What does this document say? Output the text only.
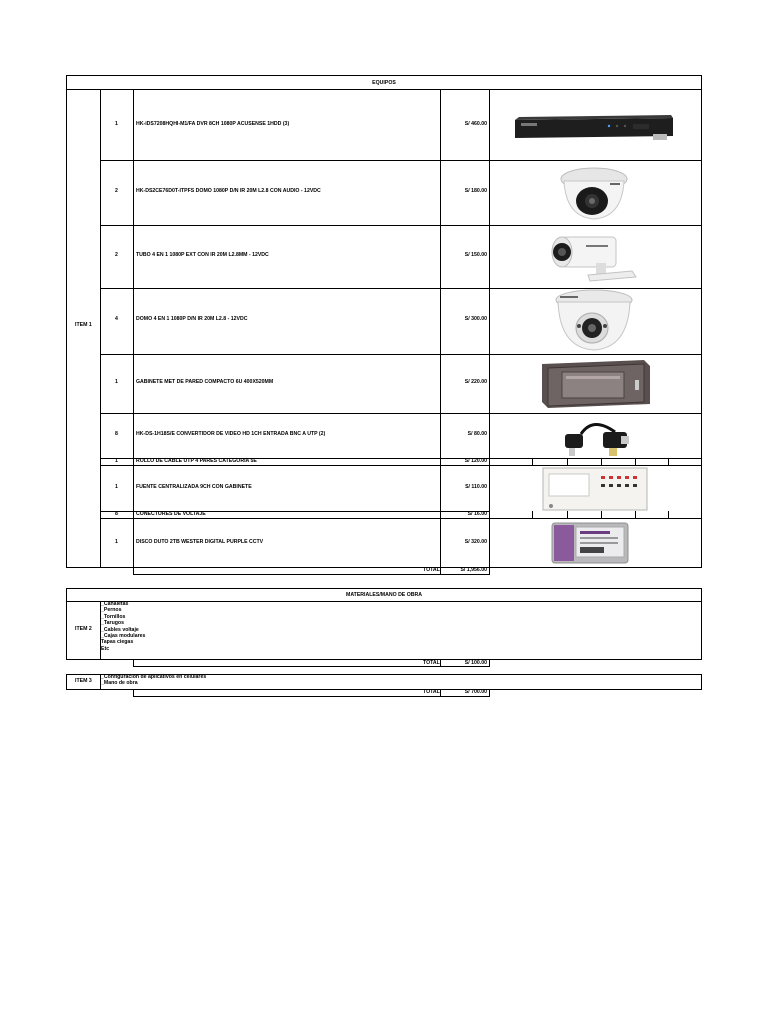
EQUIPOS
ITEM 1
1	HK-iDS7208HQHI-M1/FA DVR 8CH 1080P ACUSENSE 1HDD (3)	S/ 460.00
2	HK-DS2CE76D0T-ITPFS DOMO 1080P D/N IR 20M L2.8 CON AUDIO - 12VDC	S/ 180.00
2	TUBO 4 EN 1 1080P EXT CON IR 20M L2.8MM - 12VDC	S/ 150.00
4	DOMO 4 EN 1 1080P D/N IR 20M L2.8 - 12VDC	S/ 300.00
1	GABINETE MET DE PARED COMPACTO 6U 400X520MM	S/ 220.00
8	HK-DS-1H18S/E CONVERTIDOR DE VIDEO HD 1CH ENTRADA BNC A UTP (2)	S/ 80.00
1	ROLLO DE CABLE UTP 4 PARES CATEGORIA 5E	S/ 120.00
1	FUENTE CENTRALIZADA 9CH CON GABINETE	S/ 110.00
8	CONECTORES DE VOLTAJE	S/ 16.00
1	DISCO DUTO 2TB WESTER DIGITAL PURPLE CCTV	S/ 320.00
TOTAL	S/ 1,956.00
MATERIALES/MANO DE OBRA
ITEM 2
_Canaletas
_Pernos
_Tornillos
_Tarugos
_Cables voltaje
_Cajas modulares
Tapas ciegas
Etc
TOTAL	S/ 100.00
ITEM 3
_Configuracion de aplicativos en celulares
_Mano de obra
TOTAL	S/ 700.00
